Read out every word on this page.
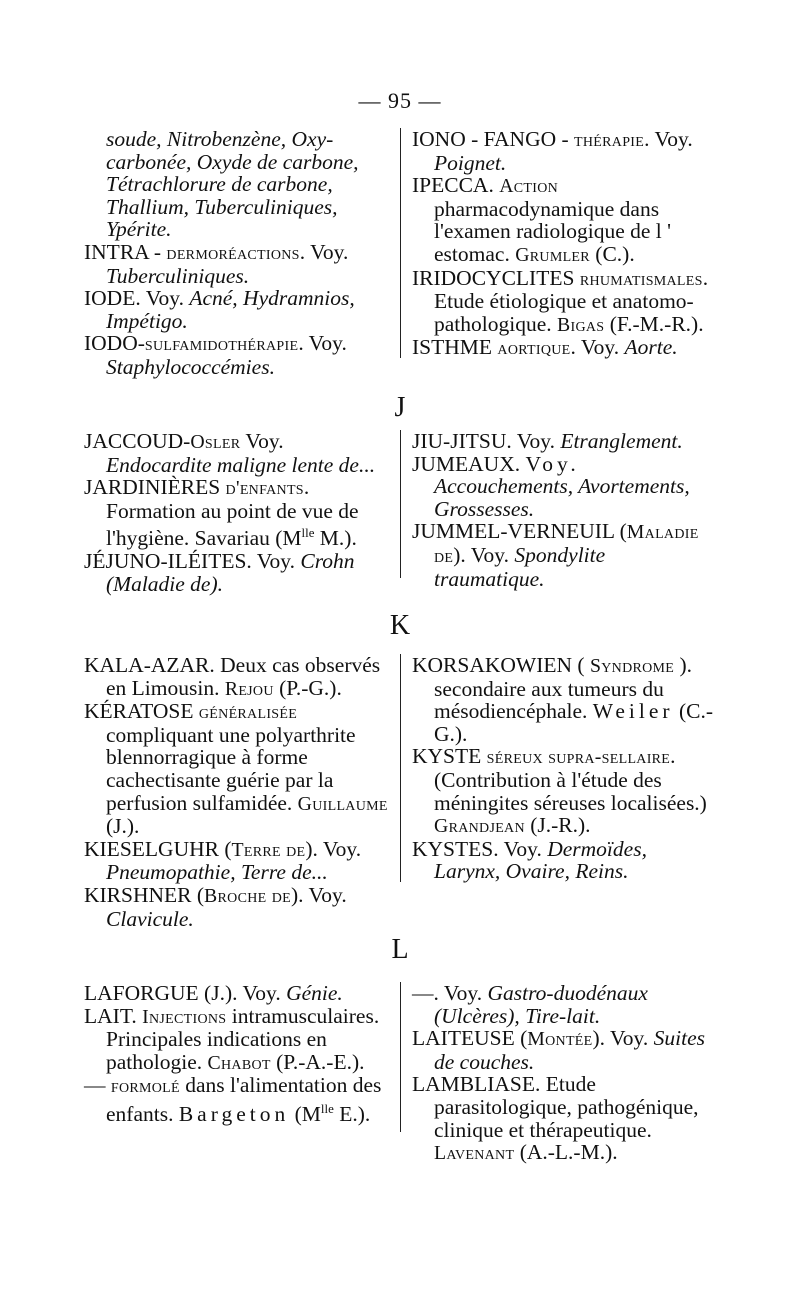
— 95 —

soude, Nitrobenzène, Oxy-carbonée, Oxyde de carbone, Tétrachlorure de carbone, Thallium, Tuberculiniques, Ypérite.

INTRA - dermoréactions. Voy. Tuberculiniques.

IODE. Voy. Acné, Hydramnios, Impétigo.

IODO-sulfamidothérapie. Voy. Staphylococcémies.

IONO - FANGO - thérapie. Voy. Poignet.

IPECCA. Action pharmacodynamique dans l'examen radiologique de l ' estomac. Grumler (C.).

IRIDOCYCLITES rhumatismales. Etude étiologique et anatomo-pathologique. Bigas (F.-M.-R.).

ISTHME aortique. Voy. Aorte.

J

JACCOUD-Osler Voy. Endocardite maligne lente de...

JARDINIÈRES d'enfants. Formation au point de vue de l'hygiène. Savariau ($M^{lle}$ M.).

JÉJUNO-ILÉITES. Voy. Crohn (Maladie de).

JIU-JITSU. Voy. Etranglement.

JUMEAUX. Voy. Accouchements, Avortements, Grossesses.

JUMMEL-VERNEUIL (Maladie de). Voy. Spondylite traumatique.

K

KALA-AZAR. Deux cas observés en Limousin. Rejou (P.-G.).

KÉRATOSE généralisée compliquant une polyarthrite blennorragique à forme cachectisante guérie par la perfusion sulfamidée. Guillaume (J.).

KIESELGUHR (Terre de). Voy. Pneumopathie, Terre de...

KIRSHNER (Broche de). Voy. Clavicule.

KORSAKOWIEN ( Syndrome ). secondaire aux tumeurs du mésodiencéphale. Weiler (C.-G.).

KYSTE séreux supra-sellaire. (Contribution à l'étude des méningites séreuses localisées.) Grandjean (J.-R.).

KYSTES. Voy. Dermoïdes, Larynx, Ovaire, Reins.

L

LAFORGUE (J.). Voy. Génie.

LAIT. Injections intramusculaires. Principales indications en pathologie. Chabot (P.-A.-E.).

— formolé dans l'alimentation des enfants. Bargeton ($M^{lle}$ E.).

—. Voy. Gastro-duodénaux (Ulcères), Tire-lait.

LAITEUSE (Montée). Voy. Suites de couches.

LAMBLIASE. Etude parasitologique, pathogénique, clinique et thérapeutique. Lavenant (A.-L.-M.).
